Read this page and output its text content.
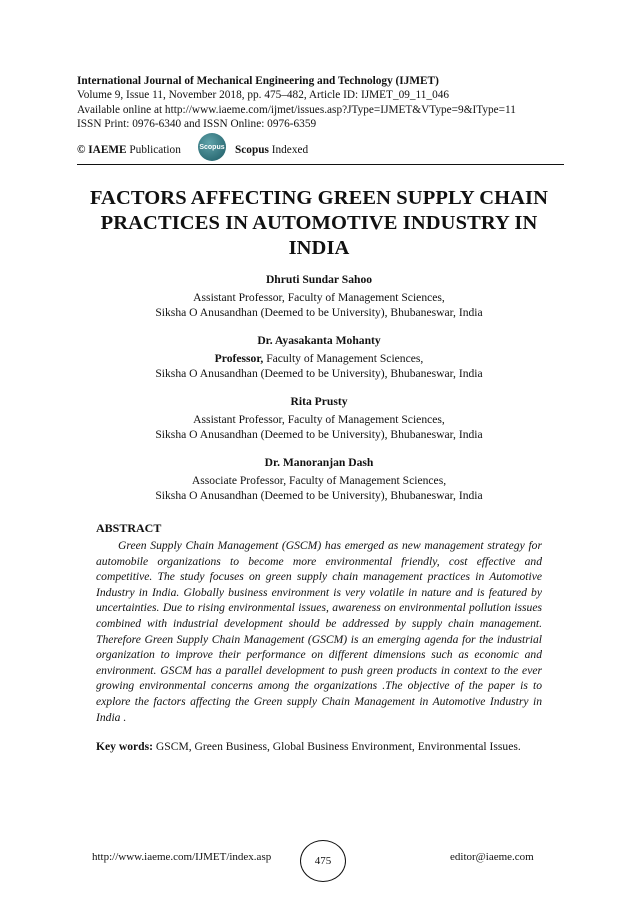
International Journal of Mechanical Engineering and Technology (IJMET)
Volume 9, Issue 11, November 2018, pp. 475–482, Article ID: IJMET_09_11_046
Available online at http://www.iaeme.com/ijmet/issues.asp?JType=IJMET&VType=9&IType=11
ISSN Print: 0976-6340 and ISSN Online: 0976-6359
© IAEME Publication	Scopus Scopus Indexed
FACTORS AFFECTING GREEN SUPPLY CHAIN
PRACTICES IN AUTOMOTIVE INDUSTRY IN
INDIA
Dhruti Sundar Sahoo
Assistant Professor, Faculty of Management Sciences,
Siksha O Anusandhan (Deemed to be University), Bhubaneswar, India
Dr. Ayasakanta Mohanty
Professor, Faculty of Management Sciences,
Siksha O Anusandhan (Deemed to be University), Bhubaneswar, India
Rita Prusty
Assistant Professor, Faculty of Management Sciences,
Siksha O Anusandhan (Deemed to be University), Bhubaneswar, India
Dr. Manoranjan Dash
Associate Professor, Faculty of Management Sciences,
Siksha O Anusandhan (Deemed to be University), Bhubaneswar, India
ABSTRACT
Green Supply Chain Management (GSCM) has emerged as new management strategy for automobile organizations to become more environmental friendly, cost effective and competitive. The study focuses on green supply chain management practices in Automotive Industry in India. Globally business environment is very volatile in nature and is featured by uncertainties. Due to rising environmental issues, awareness on environmental pollution issues combined with industrial development should be addressed by supply chain management. Therefore Green Supply Chain Management (GSCM) is an emerging agenda for the industrial organization to improve their performance on different dimensions such as economic and environment. GSCM has a parallel development to push green products in context to the ever growing environmental concerns among the organizations .The objective of the paper is to explore the factors affecting the Green supply Chain Management in Automotive Industry in India .
Key words: GSCM, Green Business, Global Business Environment, Environmental Issues.
http://www.iaeme.com/IJMET/index.asp	475	editor@iaeme.com
